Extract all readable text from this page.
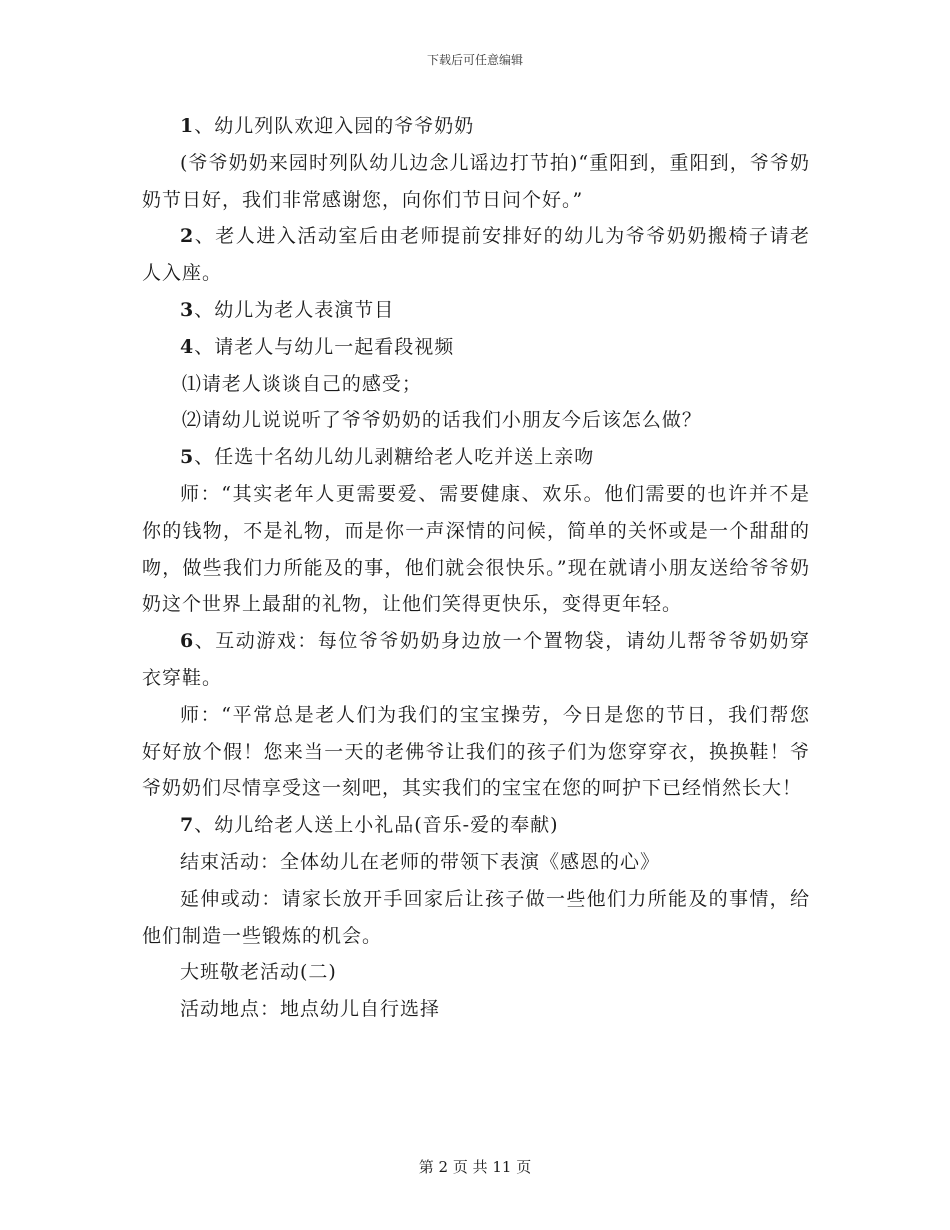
下载后可任意编辑

1、幼儿列队欢迎入园的爷爷奶奶

(爷爷奶奶来园时列队幼儿边念儿谣边打节拍)“重阳到，重阳到，爷爷奶奶节日好，我们非常感谢您，向你们节日问个好。”

2、老人进入活动室后由老师提前安排好的幼儿为爷爷奶奶搬椅子请老人入座。

3、幼儿为老人表演节目

4、请老人与幼儿一起看段视频

⑴请老人谈谈自己的感受；

⑵请幼儿说说听了爷爷奶奶的话我们小朋友今后该怎么做？

5、任选十名幼儿幼儿剥糖给老人吃并送上亲吻

师：“其实老年人更需要爱、需要健康、欢乐。他们需要的也许并不是你的钱物，不是礼物，而是你一声深情的问候，简单的关怀或是一个甜甜的吻，做些我们力所能及的事，他们就会很快乐。”现在就请小朋友送给爷爷奶奶这个世界上最甜的礼物，让他们笑得更快乐，变得更年轻。

6、互动游戏：每位爷爷奶奶身边放一个置物袋，请幼儿帮爷爷奶奶穿衣穿鞋。

师：“平常总是老人们为我们的宝宝操劳，今日是您的节日，我们帮您好好放个假！您来当一天的老佛爷让我们的孩子们为您穿穿衣，换换鞋！爷爷奶奶们尽情享受这一刻吧，其实我们的宝宝在您的呵护下已经悄然长大！

7、幼儿给老人送上小礼品(音乐-爱的奉献)

结束活动：全体幼儿在老师的带领下表演《感恩的心》

延伸或动：请家长放开手回家后让孩子做一些他们力所能及的事情，给他们制造一些锻炼的机会。

大班敬老活动(二)

活动地点：地点幼儿自行选择

第 2 页 共 11 页
